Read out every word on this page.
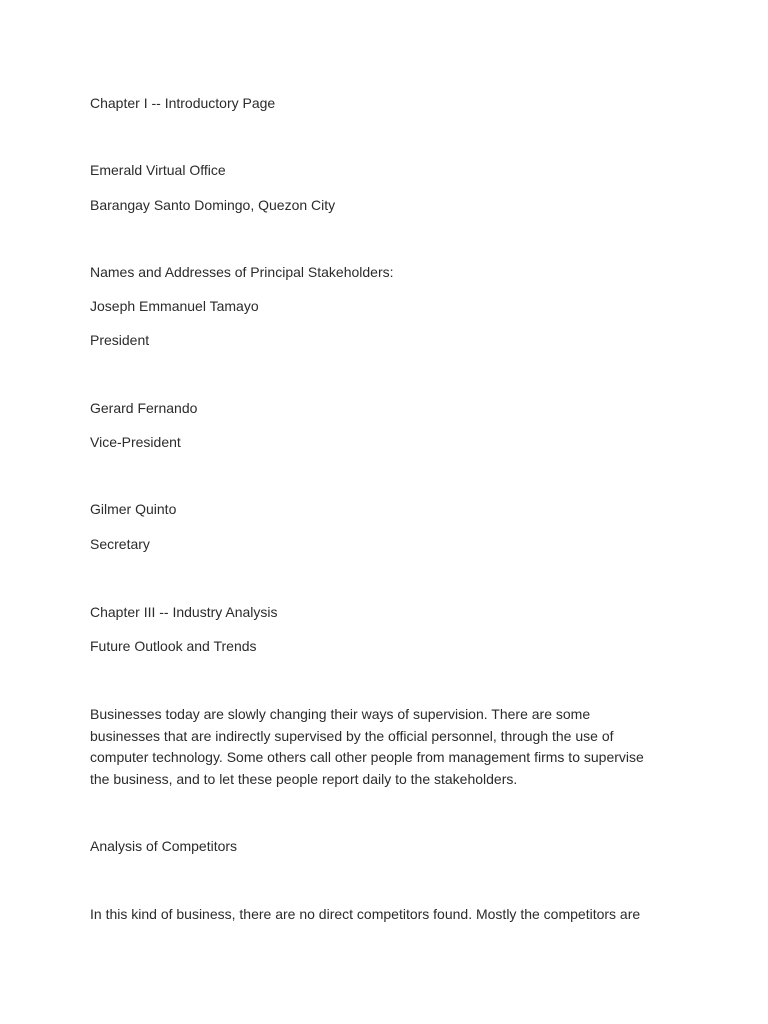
Chapter I -- Introductory Page

Emerald Virtual Office

Barangay Santo Domingo, Quezon City

Names and Addresses of Principal Stakeholders:

Joseph Emmanuel Tamayo

President

Gerard Fernando

Vice-President

Gilmer Quinto

Secretary

Chapter III -- Industry Analysis

Future Outlook and Trends

Businesses today are slowly changing their ways of supervision. There are some
businesses that are indirectly supervised by the official personnel, through the use of
computer technology. Some others call other people from management firms to supervise
the business, and to let these people report daily to the stakeholders.

Analysis of Competitors

In this kind of business, there are no direct competitors found. Mostly the competitors are
